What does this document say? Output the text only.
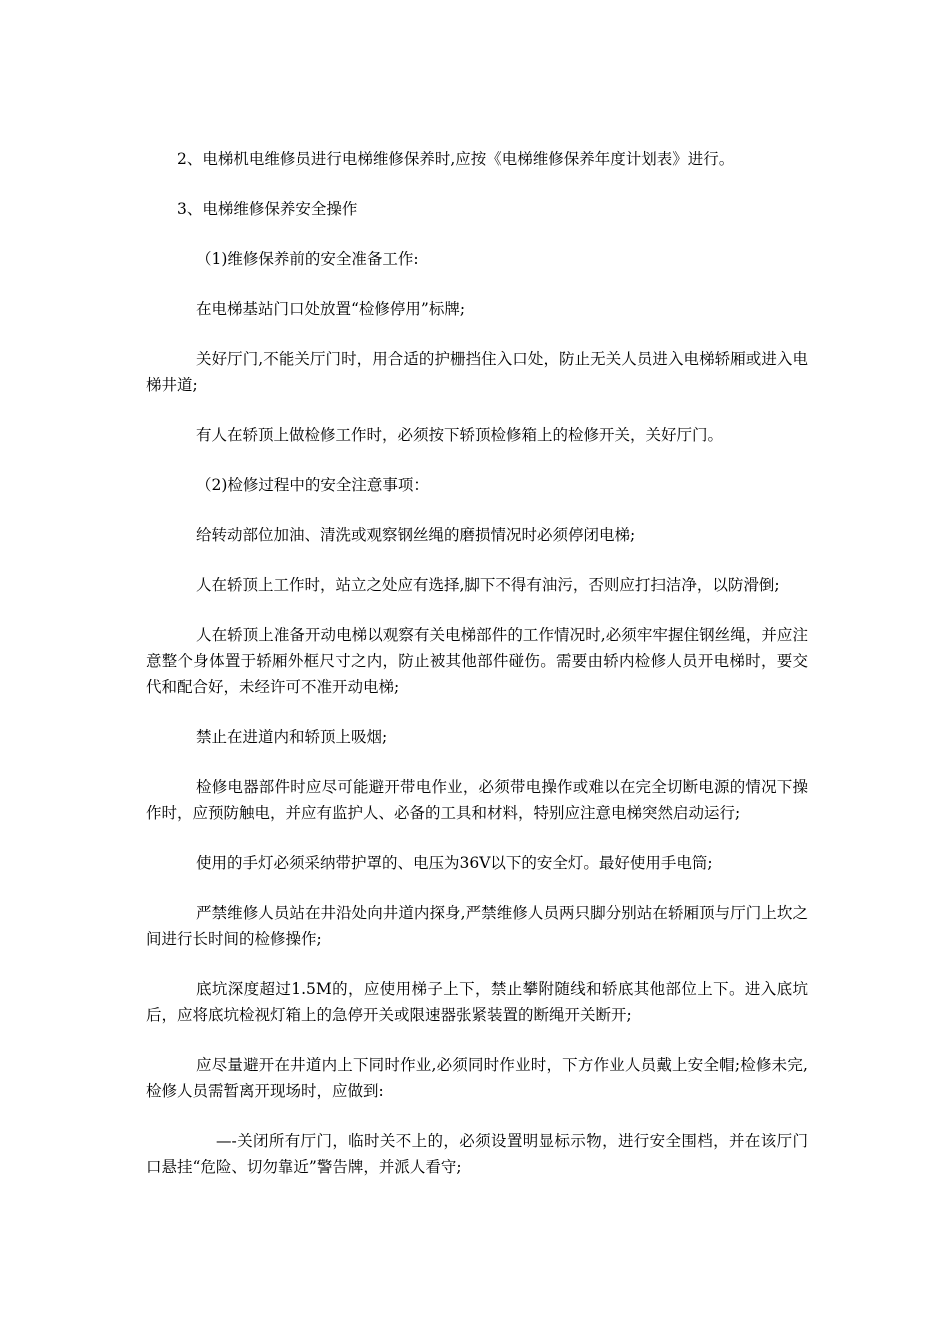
2、电梯机电维修员进行电梯维修保养时,应按《电梯维修保养年度计划表》进行。

3、电梯维修保养安全操作

（1)维修保养前的安全准备工作:

在电梯基站门口处放置“检修停用”标牌;

关好厅门,不能关厅门时，用合适的护栅挡住入口处，防止无关人员进入电梯轿厢或进入电梯井道;

有人在轿顶上做检修工作时，必须按下轿顶检修箱上的检修开关，关好厅门。

（2)检修过程中的安全注意事项：

给转动部位加油、清洗或观察钢丝绳的磨损情况时必须停闭电梯;

人在轿顶上工作时，站立之处应有选择,脚下不得有油污，否则应打扫洁净，以防滑倒;

人在轿顶上准备开动电梯以观察有关电梯部件的工作情况时,必须牢牢握住钢丝绳，并应注意整个身体置于轿厢外框尺寸之内，防止被其他部件碰伤。需要由轿内检修人员开电梯时，要交代和配合好，未经许可不准开动电梯;

禁止在进道内和轿顶上吸烟;

检修电器部件时应尽可能避开带电作业，必须带电操作或难以在完全切断电源的情况下操作时，应预防触电，并应有监护人、必备的工具和材料，特别应注意电梯突然启动运行;

使用的手灯必须采纳带护罩的、电压为36V以下的安全灯。最好使用手电筒;

严禁维修人员站在井沿处向井道内探身,严禁维修人员两只脚分别站在轿厢顶与厅门上坎之间进行长时间的检修操作;

底坑深度超过1.5M的，应使用梯子上下，禁止攀附随线和轿底其他部位上下。进入底坑后，应将底坑检视灯箱上的急停开关或限速器张紧装置的断绳开关断开;

应尽量避开在井道内上下同时作业,必须同时作业时，下方作业人员戴上安全帽;检修未完,检修人员需暂离开现场时，应做到:

—-关闭所有厅门，临时关不上的，必须设置明显标示物，进行安全围档，并在该厅门口悬挂“危险、切勿靠近”警告牌，并派人看守;
